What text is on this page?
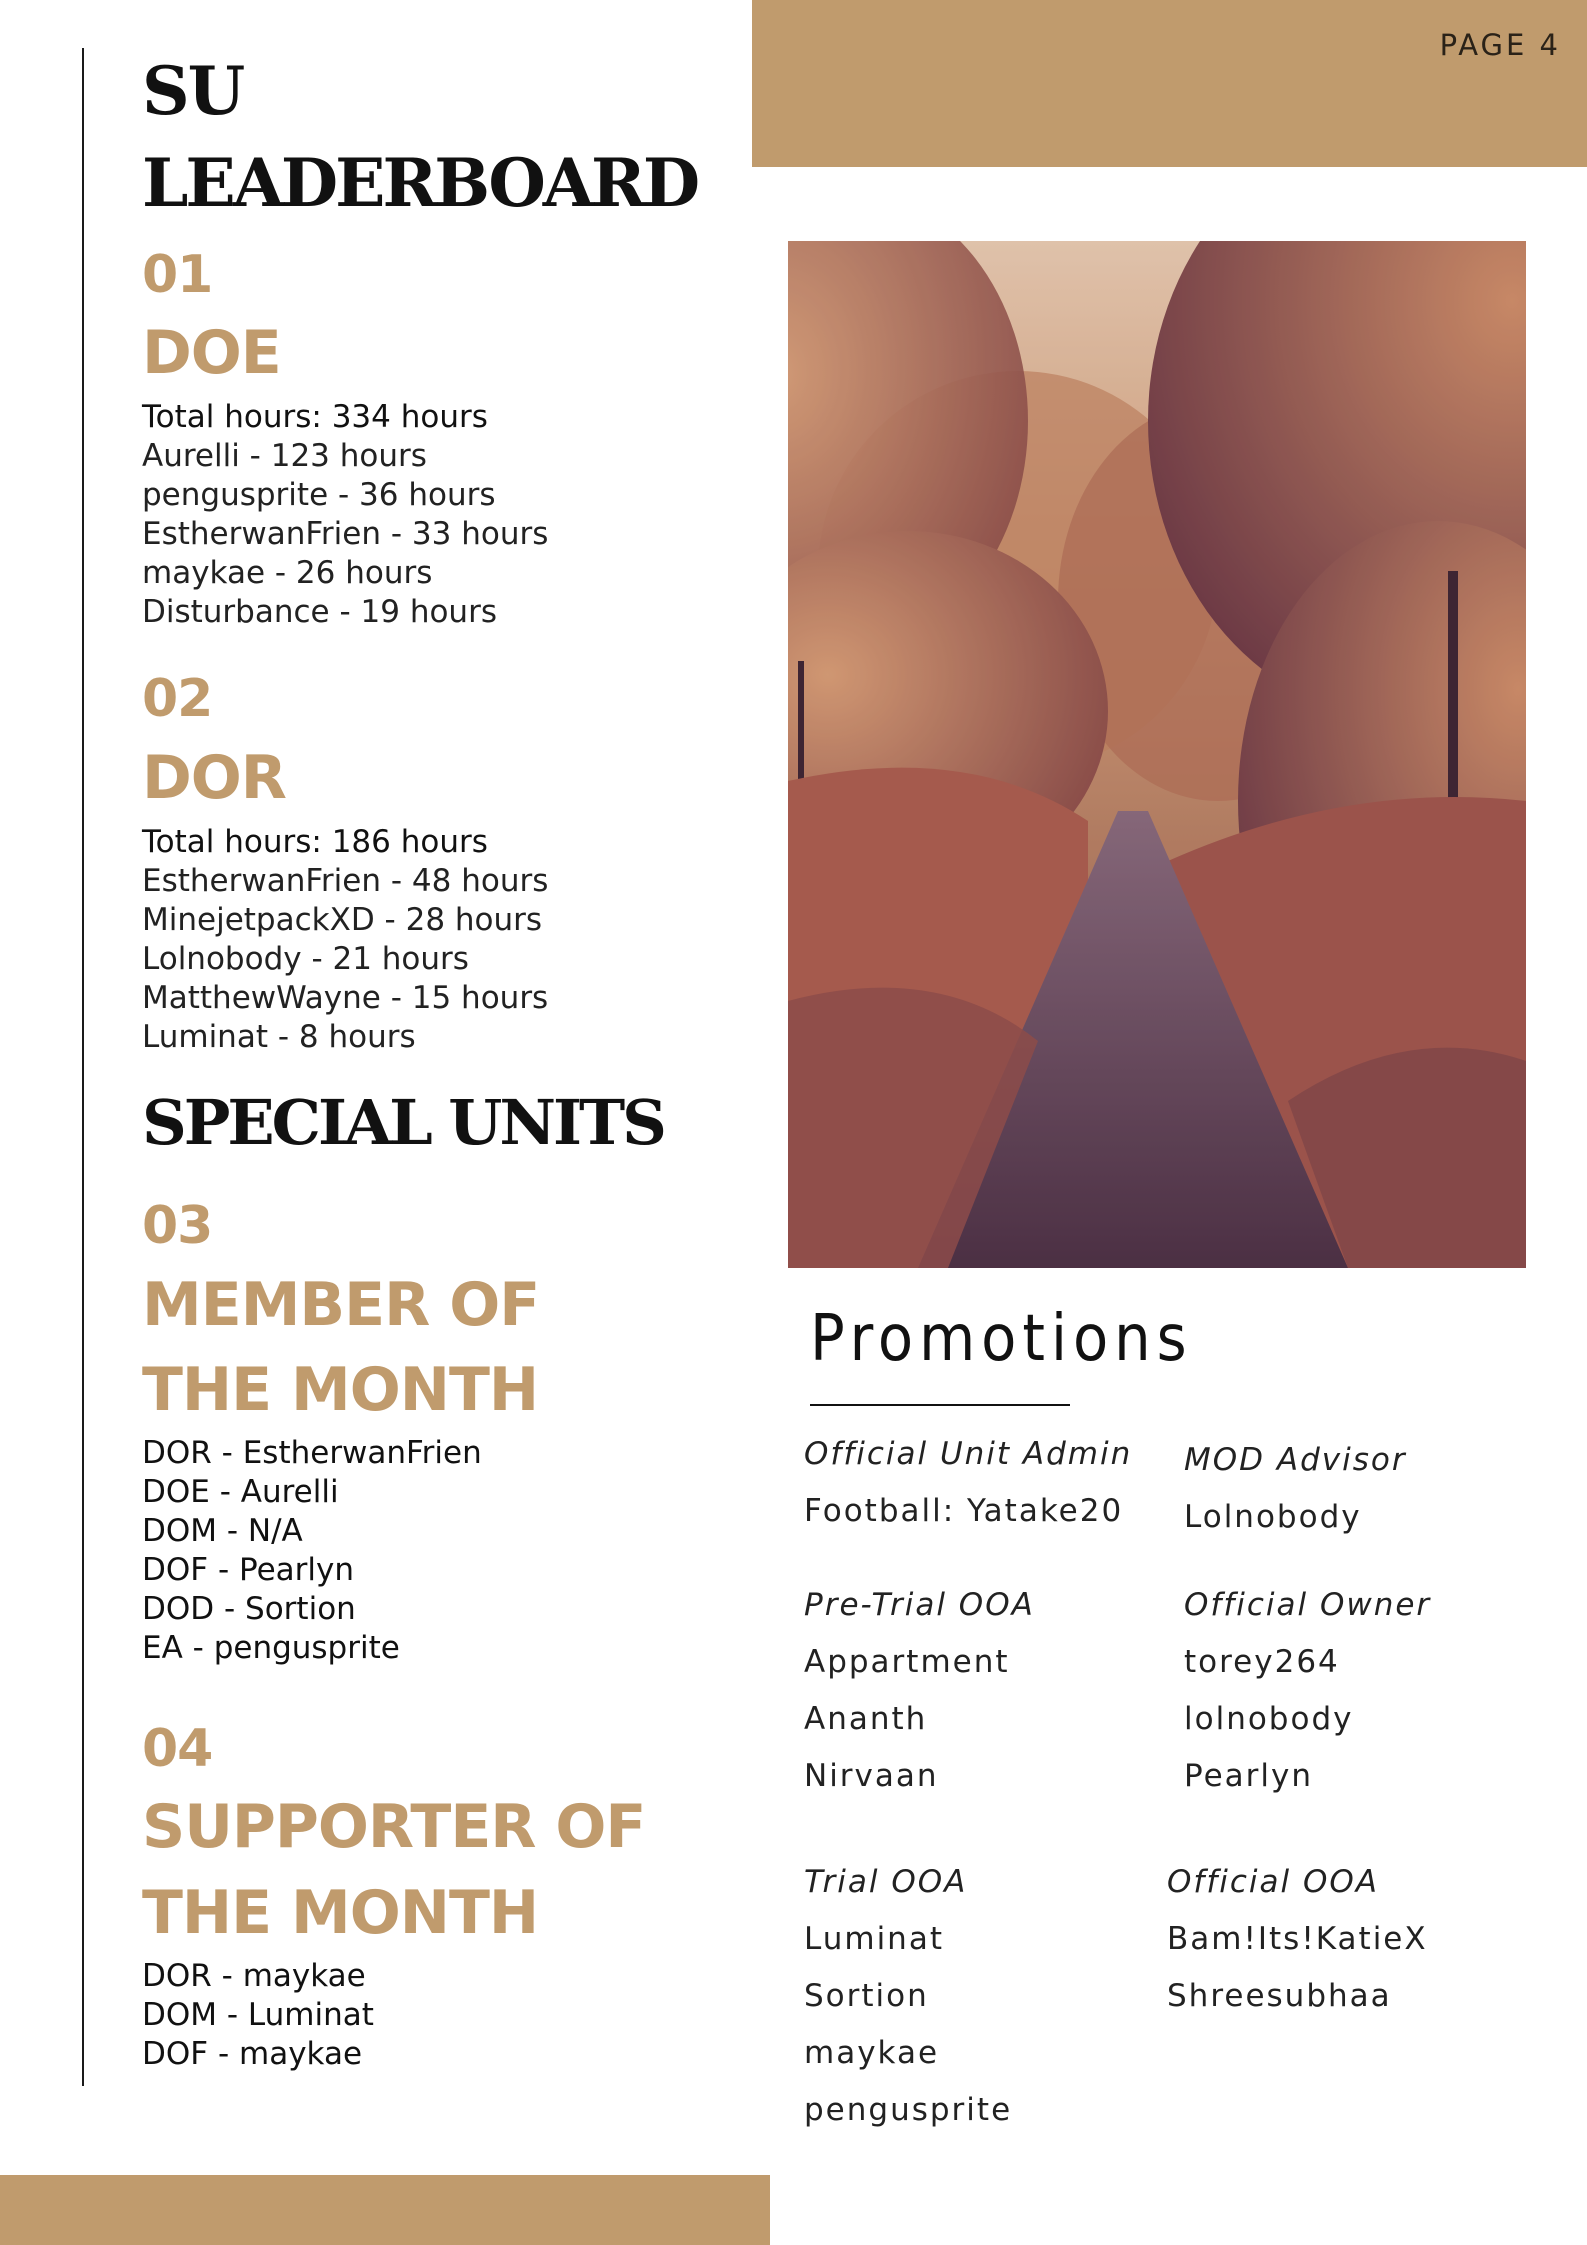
PAGE 4
SU
LEADERBOARD
01
DOE
Total hours: 334 hours
Aurelli - 123 hours
pengusprite - 36 hours
EstherwanFrien - 33 hours
maykae - 26 hours
Disturbance - 19 hours
02
DOR
Total hours: 186 hours
EstherwanFrien - 48 hours
MinejetpackXD - 28 hours
Lolnobody - 21 hours
MatthewWayne - 15 hours
Luminat - 8 hours
SPECIAL UNITS
03
MEMBER OF
THE MONTH
DOR - EstherwanFrien
DOE - Aurelli
DOM - N/A
DOF - Pearlyn
DOD - Sortion
EA - pengusprite
04
SUPPORTER OF
THE MONTH
DOR - maykae
DOM - Luminat
DOF - maykae
Promotions
Official Unit Admin
Football: Yatake20
MOD Advisor
Lolnobody
Pre-Trial OOA
Appartment
Ananth
Nirvaan
Official Owner
torey264
lolnobody
Pearlyn
Trial OOA
Luminat
Sortion
maykae
pengusprite
Official OOA
Bam!Its!KatieX
Shreesubhaa
